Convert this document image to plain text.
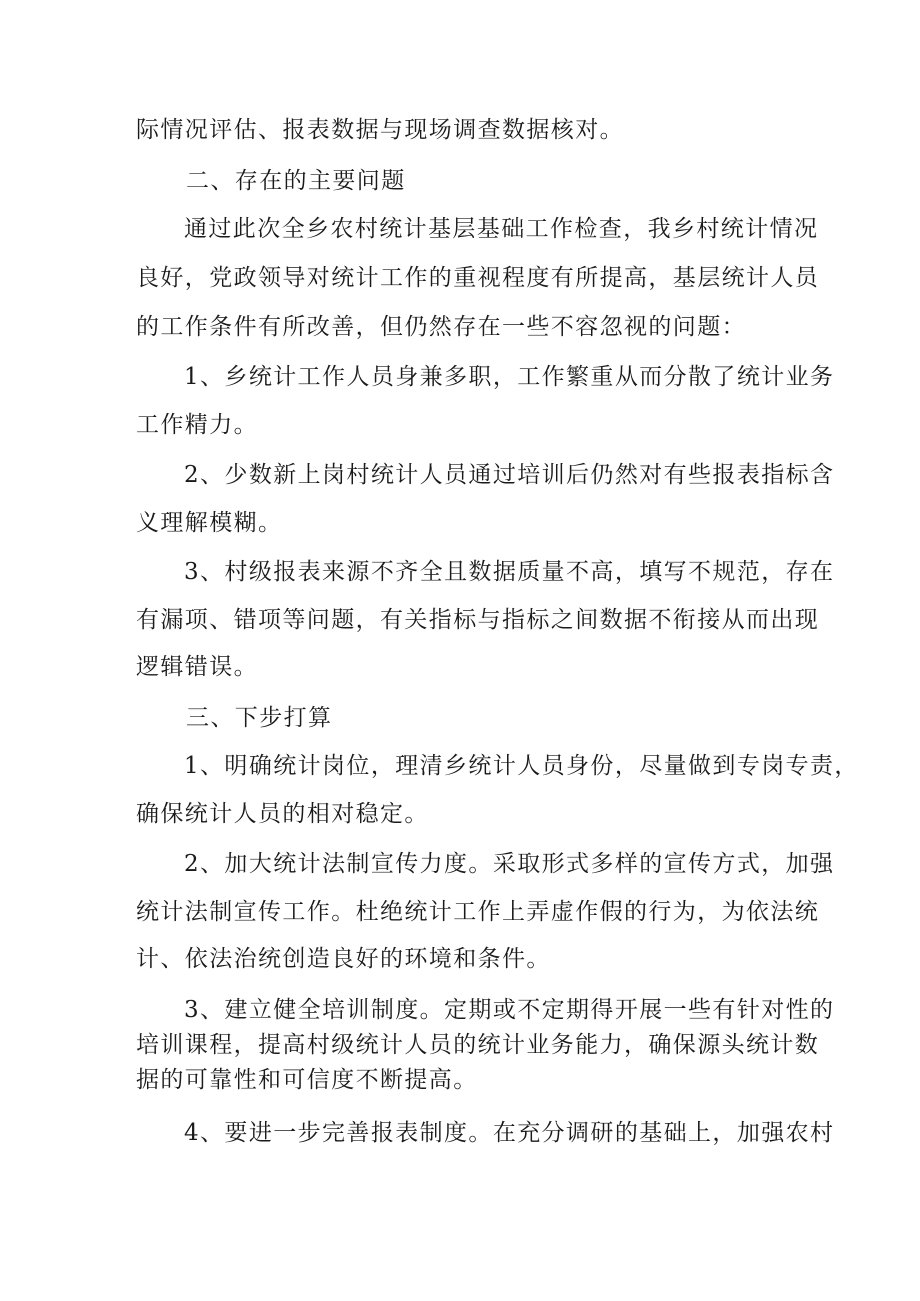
际情况评估、报表数据与现场调查数据核对。
二、存在的主要问题
通过此次全乡农村统计基层基础工作检查，我乡村统计情况
良好，党政领导对统计工作的重视程度有所提高，基层统计人员
的工作条件有所改善，但仍然存在一些不容忽视的问题：
1、乡统计工作人员身兼多职，工作繁重从而分散了统计业务
工作精力。
2、少数新上岗村统计人员通过培训后仍然对有些报表指标含
义理解模糊。
3、村级报表来源不齐全且数据质量不高，填写不规范，存在
有漏项、错项等问题，有关指标与指标之间数据不衔接从而出现
逻辑错误。
三、下步打算
1、明确统计岗位，理清乡统计人员身份，尽量做到专岗专责，
确保统计人员的相对稳定。
2、加大统计法制宣传力度。采取形式多样的宣传方式，加强
统计法制宣传工作。杜绝统计工作上弄虚作假的行为，为依法统
计、依法治统创造良好的环境和条件。
3、建立健全培训制度。定期或不定期得开展一些有针对性的
培训课程，提高村级统计人员的统计业务能力，确保源头统计数
据的可靠性和可信度不断提高。
4、要进一步完善报表制度。在充分调研的基础上，加强农村
